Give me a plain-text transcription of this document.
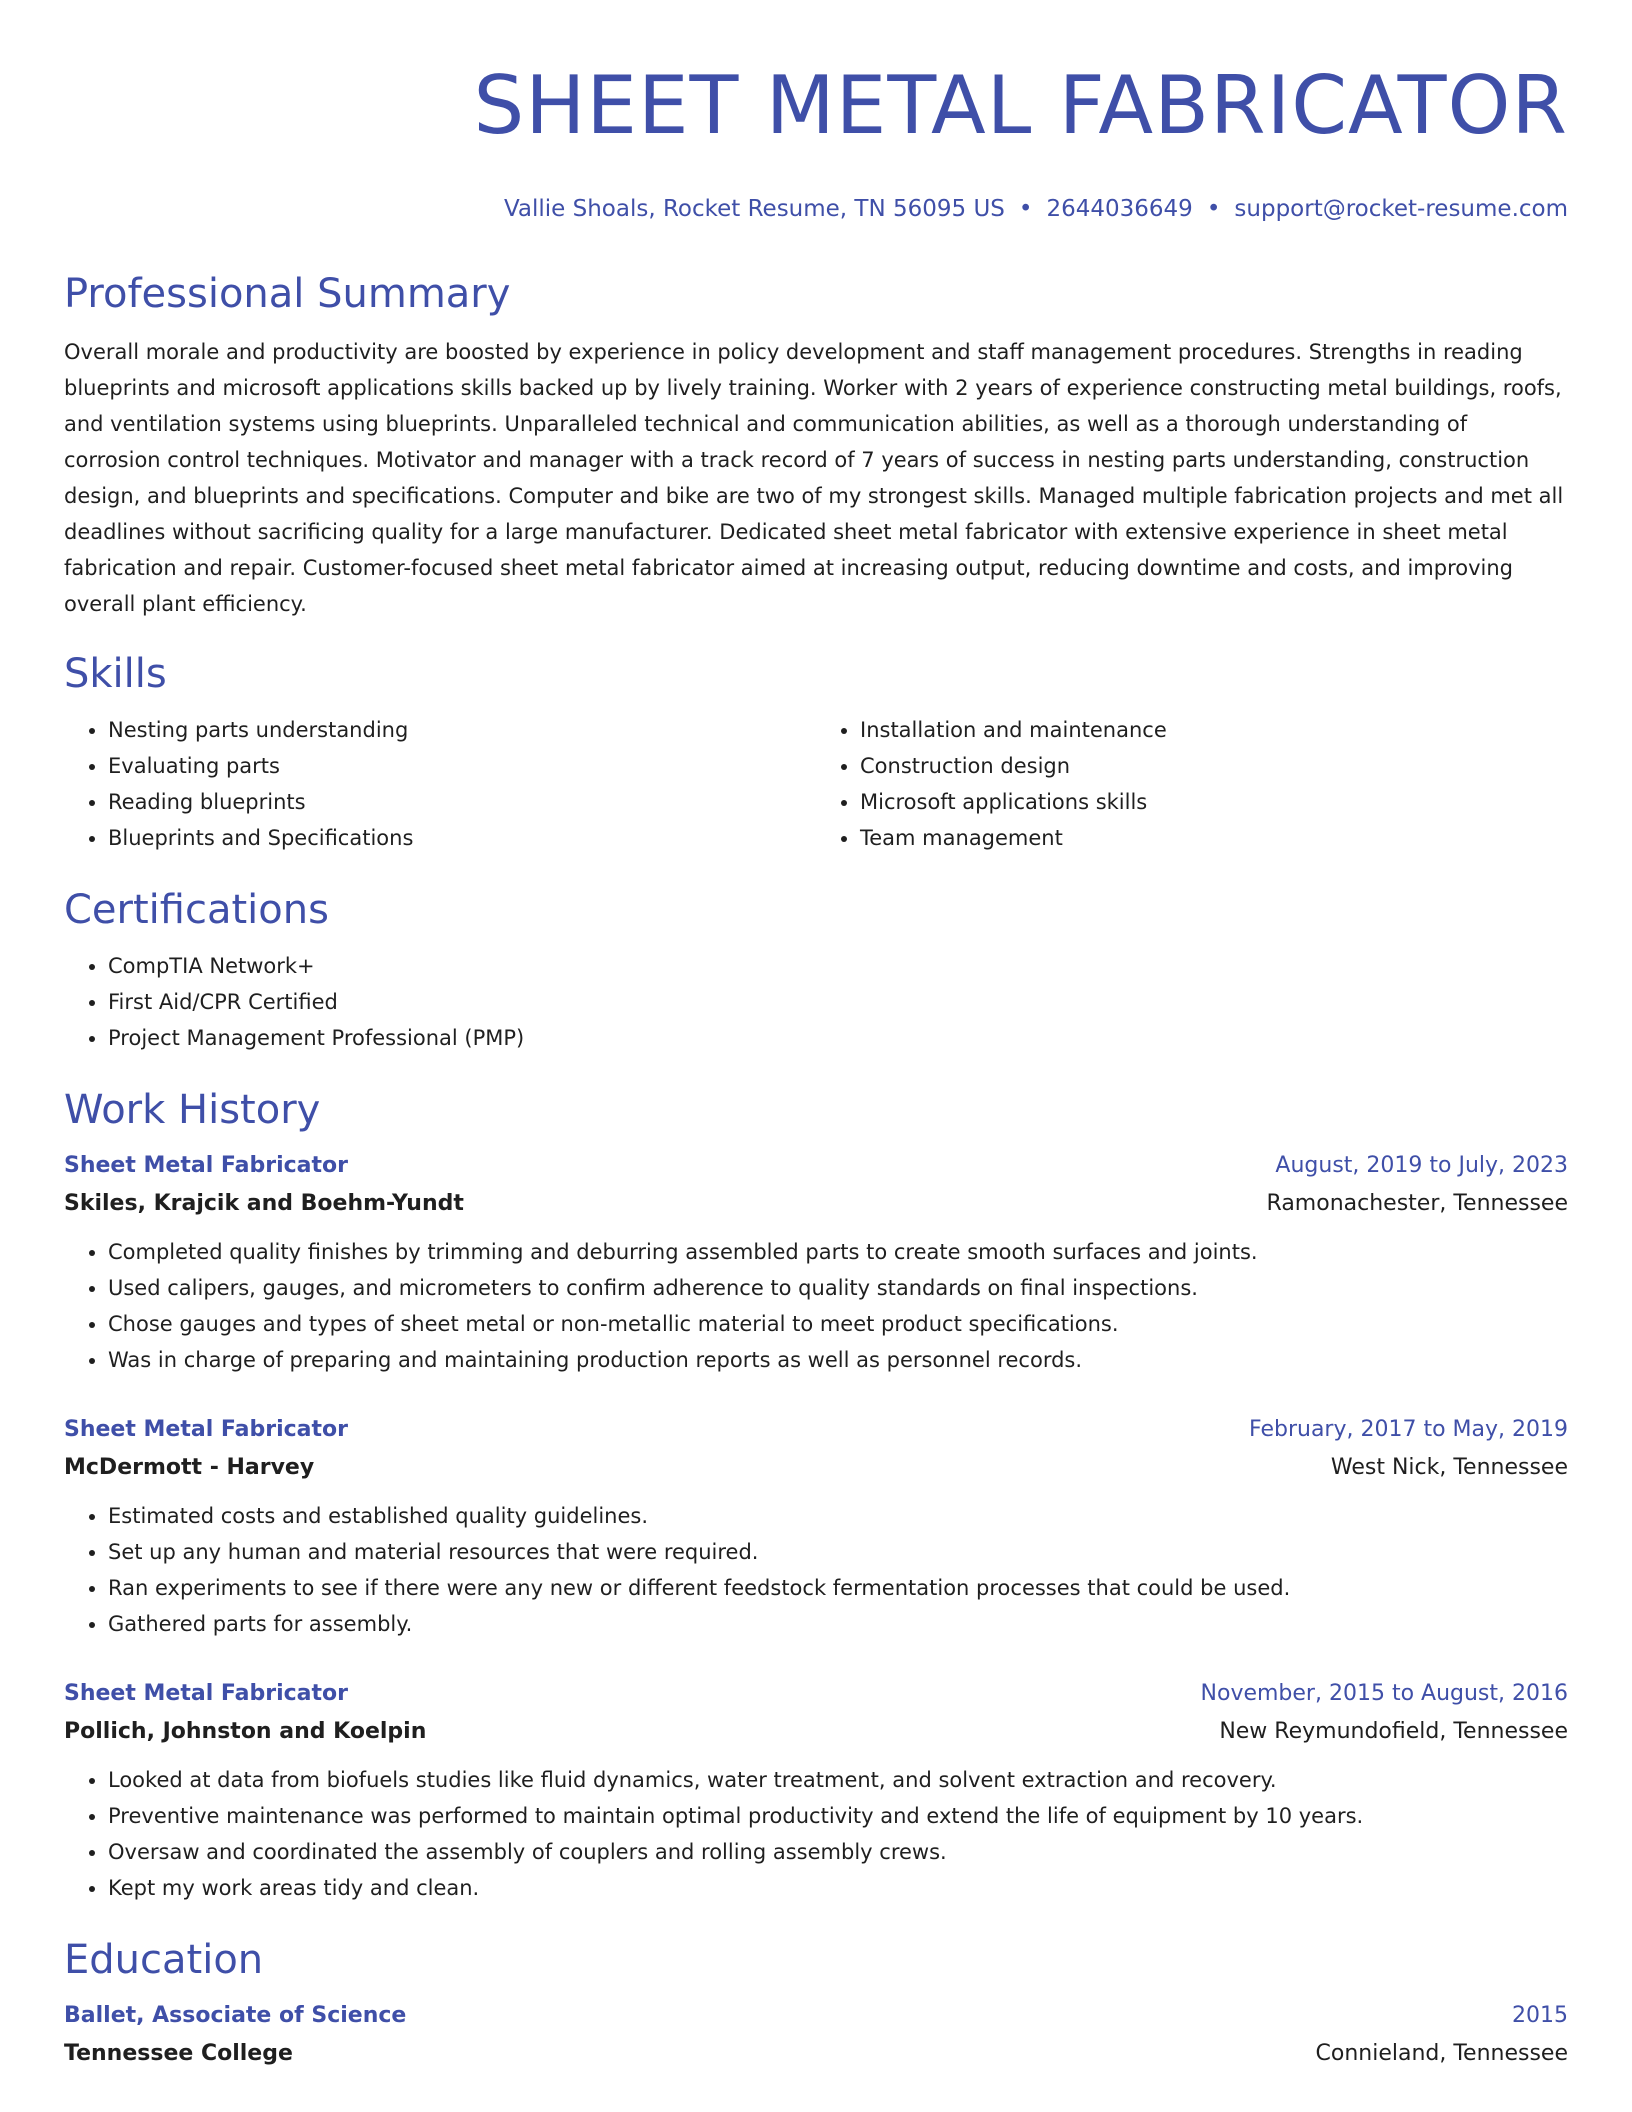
SHEET METAL FABRICATOR
Vallie Shoals, Rocket Resume, TN 56095 US • 2644036649 • support@rocket-resume.com
Professional Summary

Overall morale and productivity are boosted by experience in policy development and staff management procedures. Strengths in reading blueprints and microsoft applications skills backed up by lively training. Worker with 2 years of experience constructing metal buildings, roofs, and ventilation systems using blueprints. Unparalleled technical and communication abilities, as well as a thorough understanding of corrosion control techniques. Motivator and manager with a track record of 7 years of success in nesting parts understanding, construction design, and blueprints and specifications. Computer and bike are two of my strongest skills. Managed multiple fabrication projects and met all deadlines without sacrificing quality for a large manufacturer. Dedicated sheet metal fabricator with extensive experience in sheet metal fabrication and repair. Customer-focused sheet metal fabricator aimed at increasing output, reducing downtime and costs, and improving overall plant efficiency.

Skills
• Nesting parts understanding
• Evaluating parts
• Reading blueprints
• Blueprints and Specifications
• Installation and maintenance
• Construction design
• Microsoft applications skills
• Team management
Certifications
• CompTIA Network+
• First Aid/CPR Certified
• Project Management Professional (PMP)
Work History
Sheet Metal Fabricator	August, 2019 to July, 2023
Skiles, Krajcik and Boehm-Yundt	Ramonachester, Tennessee
• Completed quality finishes by trimming and deburring assembled parts to create smooth surfaces and joints.
• Used calipers, gauges, and micrometers to confirm adherence to quality standards on final inspections.
• Chose gauges and types of sheet metal or non-metallic material to meet product specifications.
• Was in charge of preparing and maintaining production reports as well as personnel records.
Sheet Metal Fabricator	February, 2017 to May, 2019
McDermott - Harvey	West Nick, Tennessee
• Estimated costs and established quality guidelines.
• Set up any human and material resources that were required.
• Ran experiments to see if there were any new or different feedstock fermentation processes that could be used.
• Gathered parts for assembly.
Sheet Metal Fabricator	November, 2015 to August, 2016
Pollich, Johnston and Koelpin	New Reymundofield, Tennessee
• Looked at data from biofuels studies like fluid dynamics, water treatment, and solvent extraction and recovery.
• Preventive maintenance was performed to maintain optimal productivity and extend the life of equipment by 10 years.
• Oversaw and coordinated the assembly of couplers and rolling assembly crews.
• Kept my work areas tidy and clean.
Education
Ballet, Associate of Science	2015
Tennessee College	Connieland, Tennessee
